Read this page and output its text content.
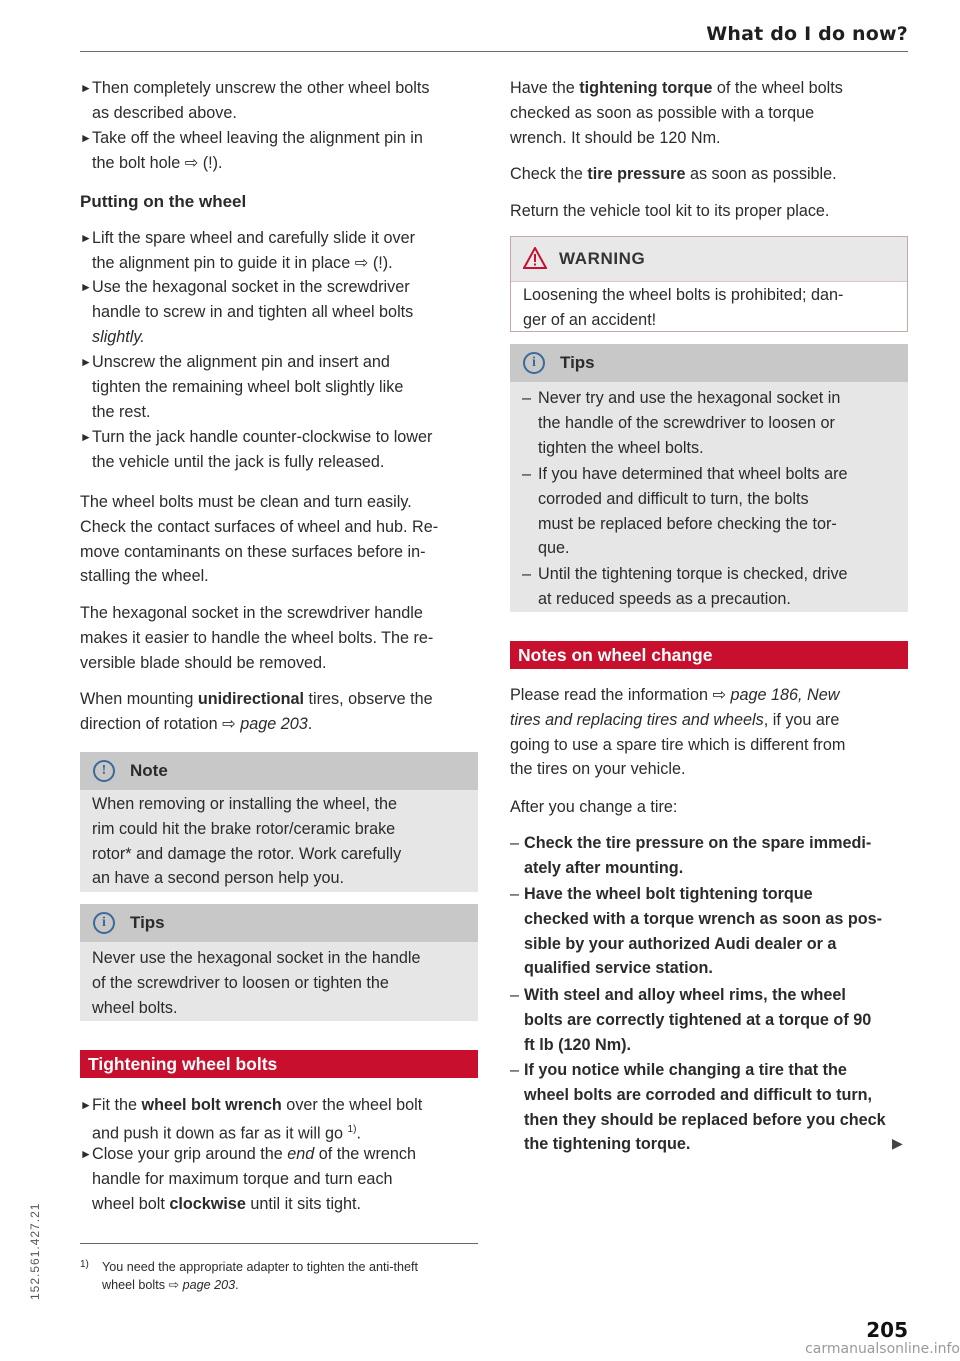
What do I do now?
152.561.427.21
► Then completely unscrew the other wheel bolts
as described above.
► Take off the wheel leaving the alignment pin in
the bolt hole ⇨ (!).
Putting on the wheel
► Lift the spare wheel and carefully slide it over
the alignment pin to guide it in place ⇨ (!).
► Use the hexagonal socket in the screwdriver
handle to screw in and tighten all wheel bolts
slightly.
► Unscrew the alignment pin and insert and
tighten the remaining wheel bolt slightly like
the rest.
► Turn the jack handle counter-clockwise to lower
the vehicle until the jack is fully released.
The wheel bolts must be clean and turn easily.
Check the contact surfaces of wheel and hub. Re-
move contaminants on these surfaces before in-
stalling the wheel.
The hexagonal socket in the screwdriver handle
makes it easier to handle the wheel bolts. The re-
versible blade should be removed.
When mounting unidirectional tires, observe the
direction of rotation ⇨ page 203.
!	Note
When removing or installing the wheel, the
rim could hit the brake rotor/ceramic brake
rotor* and damage the rotor. Work carefully
an have a second person help you.
i	Tips
Never use the hexagonal socket in the handle
of the screwdriver to loosen or tighten the
wheel bolts.
Tightening wheel bolts
► Fit the wheel bolt wrench over the wheel bolt
and push it down as far as it will go $^{1)}$.
► Close your grip around the end of the wrench
handle for maximum torque and turn each
wheel bolt clockwise until it sits tight.
1) You need the appropriate adapter to tighten the anti-theft
wheel bolts ⇨ page 203.
Have the tightening torque of the wheel bolts
checked as soon as possible with a torque
wrench. It should be 120 Nm.
Check the tire pressure as soon as possible.
Return the vehicle tool kit to its proper place.
WARNING
Loosening the wheel bolts is prohibited; dan-
ger of an accident!
i	Tips
– Never try and use the hexagonal socket in
the handle of the screwdriver to loosen or
tighten the wheel bolts.
– If you have determined that wheel bolts are
corroded and difficult to turn, the bolts
must be replaced before checking the tor-
que.
– Until the tightening torque is checked, drive
at reduced speeds as a precaution.
Notes on wheel change
Please read the information ⇨ page 186, New
tires and replacing tires and wheels, if you are
going to use a spare tire which is different from
the tires on your vehicle.
After you change a tire:
– Check the tire pressure on the spare immedi-
ately after mounting.
– Have the wheel bolt tightening torque
checked with a torque wrench as soon as pos-
sible by your authorized Audi dealer or a
qualified service station.
– With steel and alloy wheel rims, the wheel
bolts are correctly tightened at a torque of 90
ft lb (120 Nm).
– If you notice while changing a tire that the
wheel bolts are corroded and difficult to turn,
then they should be replaced before you check
the tightening torque.	▶
205
carmanualsonline.info
